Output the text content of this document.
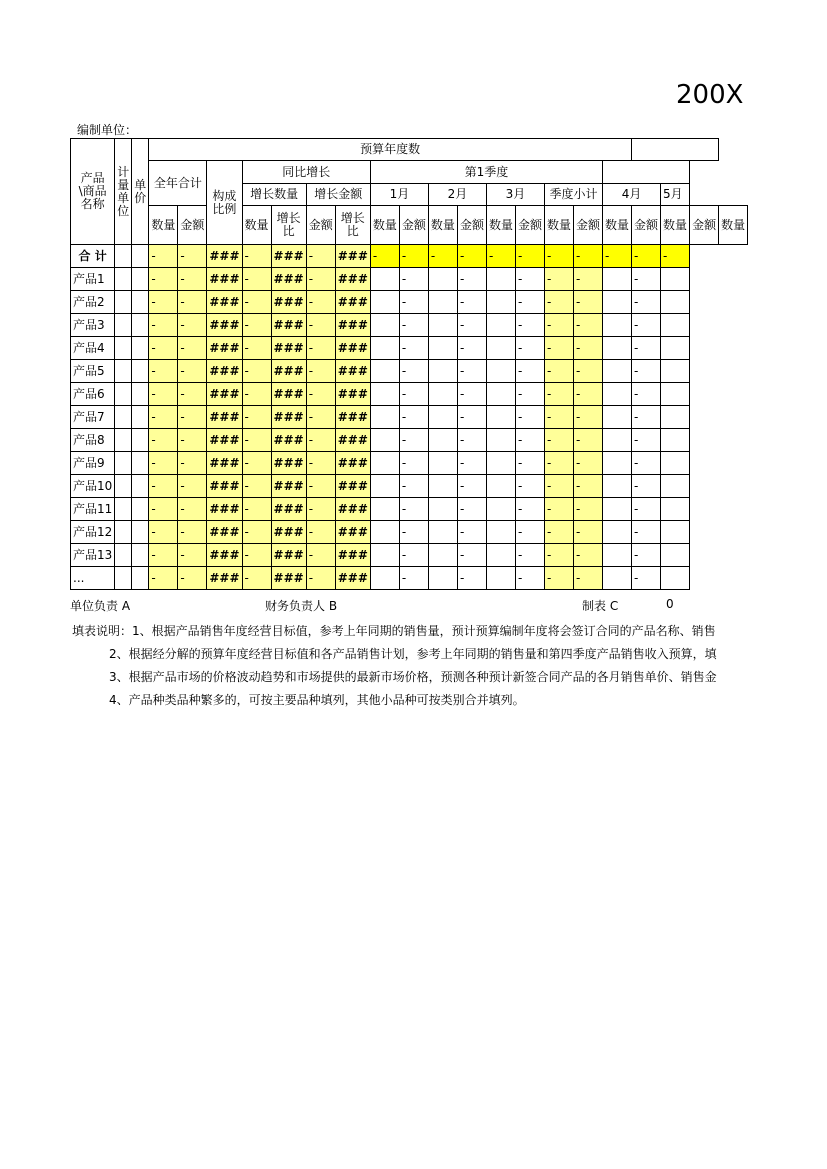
200X
编制单位：
产品\商品名称	计量单位	单价	预算年度数																			
			全年合计		构成比例	同比增长				第1季度												
						增长数量		增长金额		1月		2月		3月		季度小计		4月		5月		
			数量	金额		数量	增长比	金额	增长比	数量	金额	数量	金额	数量	金额	数量	金额	数量	金额	数量	金额	数量
合 计			-	-	###	-	###	-	###	-	-	-	-	-	-	-	-	-	-	-		
产品1			-	-	###	-	###	-	###		-		-		-	-	-		-			
产品2			-	-	###	-	###	-	###		-		-		-	-	-		-			
产品3			-	-	###	-	###	-	###		-		-		-	-	-		-			
产品4			-	-	###	-	###	-	###		-		-		-	-	-		-			
产品5			-	-	###	-	###	-	###		-		-		-	-	-		-			
产品6			-	-	###	-	###	-	###		-		-		-	-	-		-			
产品7			-	-	###	-	###	-	###		-		-		-	-	-		-			
产品8			-	-	###	-	###	-	###		-		-		-	-	-		-			
产品9			-	-	###	-	###	-	###		-		-		-	-	-		-			
产品10			-	-	###	-	###	-	###		-		-		-	-	-		-			
产品11			-	-	###	-	###	-	###		-		-		-	-	-		-			
产品12			-	-	###	-	###	-	###		-		-		-	-	-		-			
产品13			-	-	###	-	###	-	###		-		-		-	-	-		-			
...			-	-	###	-	###	-	###		-		-		-	-	-		-			
单位负责 A	财务负责人 B	制表 C	0
填表说明：1、根据产品销售年度经营目标值，参考上年同期的销售量，预计预算编制年度将会签订合同的产品名称、销售
2、根据经分解的预算年度经营目标值和各产品销售计划，参考上年同期的销售量和第四季度产品销售收入预算，填
3、根据产品市场的价格波动趋势和市场提供的最新市场价格，预测各种预计新签合同产品的各月销售单价、销售金
4、产品种类品种繁多的，可按主要品种填列，其他小品种可按类别合并填列。
